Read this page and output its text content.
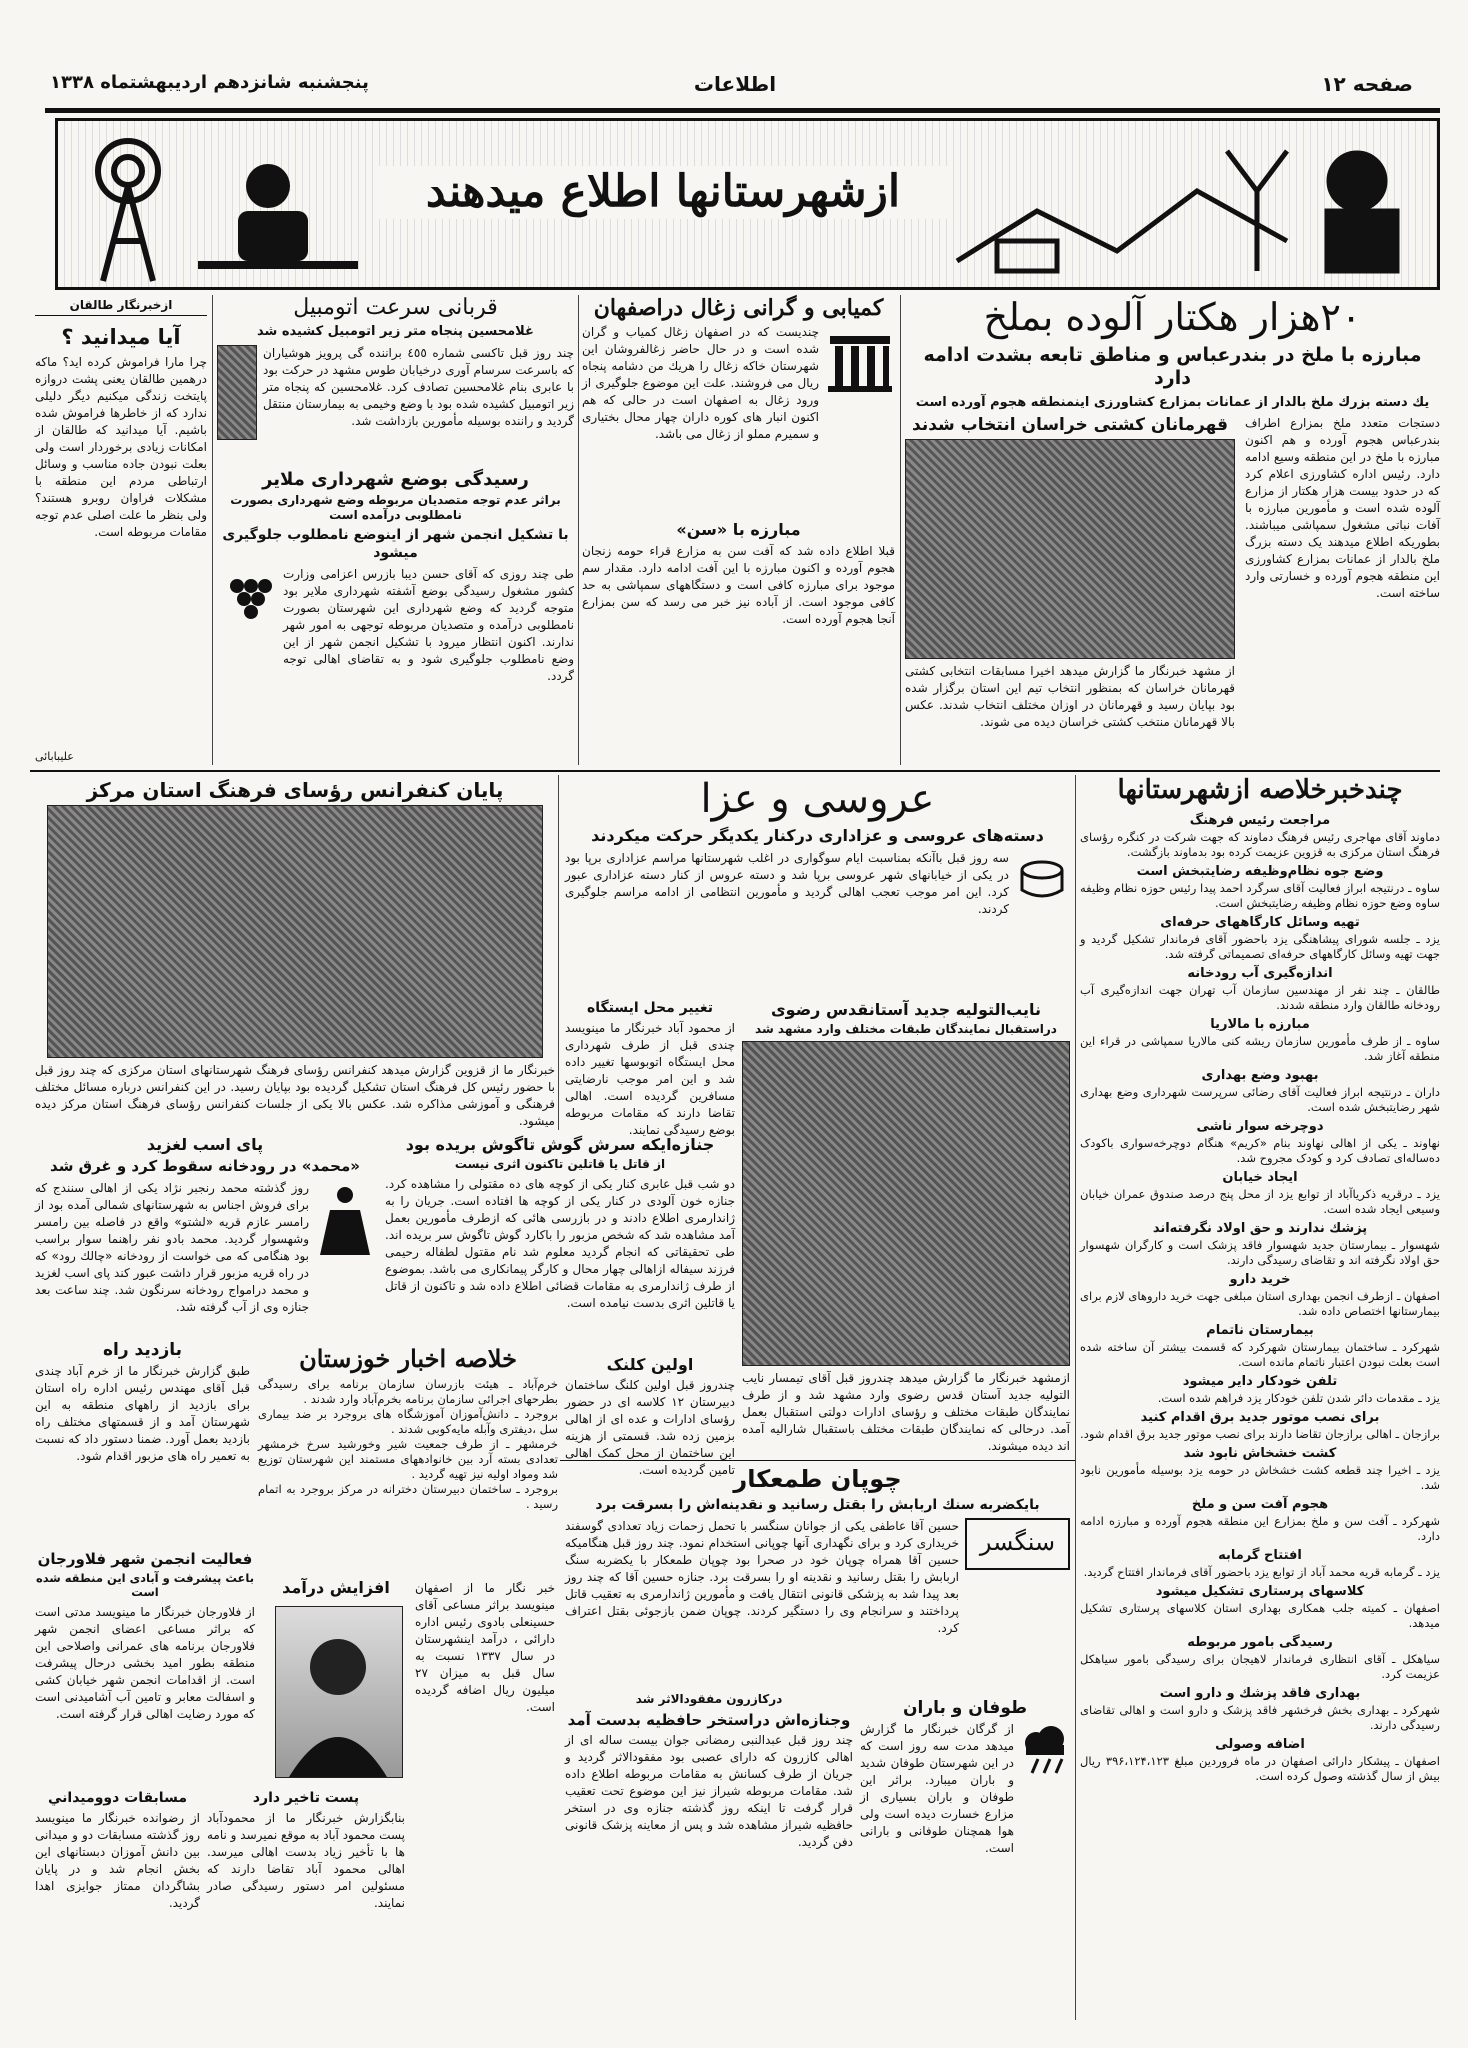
صفحه ۱۲
اطلاعات
پنجشنبه شانزدهم اردیبهشتماه ۱۳۳۸
ازشهرستانها اطلاع میدهند
۲۰هزار هکتار آلوده بملخ
مبارزه با ملخ در بندرعباس و مناطق تابعه بشدت ادامه دارد
یك دسته بزرك ملخ بالدار از عمانات بمزارع کشاورزی اینمنطقه هجوم آورده است
دستجات متعدد ملخ بمزارع اطراف بندرعباس هجوم آورده و هم اکنون مبارزه با ملخ در این منطقه وسیع ادامه دارد. رئیس اداره کشاورزی اعلام کرد که در حدود بیست هزار هکتار از مزارع آلوده شده است و مأمورین مبارزه با آفات نباتی مشغول سمپاشی میباشند. بطوریکه اطلاع میدهند یک دسته بزرگ ملخ بالدار از عمانات بمزارع کشاورزی این منطقه هجوم آورده و خسارتی وارد ساخته است.
قهرمانان کشتی خراسان انتخاب شدند
از مشهد خبرنگار ما گزارش میدهد اخیرا مسابقات انتخابی کشتی قهرمانان خراسان که بمنظور انتخاب تیم این استان برگزار شده بود بپایان رسید و قهرمانان در اوزان مختلف انتخاب شدند. عکس بالا قهرمانان منتخب کشتی خراسان دیده می شوند.
کمیابی و گرانی زغال دراصفهان
چندیست که در اصفهان زغال کمیاب و گران شده است و در حال حاضر زغالفروشان این شهرستان خاکه زغال را هریك من دشامه پنجاه ریال می فروشند. علت این موضوع جلوگیری از ورود زغال به اصفهان است در حالی که هم اکنون انبار های کوره داران چهار محال بختیاری و سمیرم مملو از زغال می باشد.
مبارزه با «سن»
قبلا اطلاع داده شد که آفت سن به مزارع قراء حومه زنجان هجوم آورده و اکنون مبارزه با این آفت ادامه دارد. مقدار سم موجود برای مبارزه کافی است و دستگاههای سمپاشی به حد کافی موجود است. از آباده نیز خبر می رسد که سن بمزارع آنجا هجوم آورده است.
قربانی سرعت اتومبیل
غلامحسین پنجاه متر زیر اتومبیل کشیده شد
چند روز قبل تاکسی شماره ٤٥٥ براننده گی پرویز هوشیاران که باسرعت سرسام آوری درخیابان طوس مشهد در حرکت بود با عابری بنام غلامحسین تصادف کرد. غلامحسین که پنجاه متر زیر اتومبیل کشیده شده بود با وضع وخیمی به بیمارستان منتقل گردید و راننده بوسیله مأمورین بازداشت شد.
رسیدگی بوضع شهرداری ملایر
براثر عدم توجه متصدیان مربوطه وضع شهرداری بصورت نامطلوبی درآمده است
با تشکیل انجمن شهر از اینوضع نامطلوب جلوگیری میشود
طی چند روزی که آقای حسن دیبا بازرس اعزامی وزارت کشور مشغول رسیدگی بوضع آشفته شهرداری ملایر بود متوجه گردید که وضع شهرداری این شهرستان بصورت نامطلوبی درآمده و متصدیان مربوطه توجهی به امور شهر ندارند. اکنون انتظار میرود با تشکیل انجمن شهر از این وضع نامطلوب جلوگیری شود و به تقاضای اهالی توجه گردد.
ازخبرنگار طالقان
آیا میدانید ؟
چرا مارا فراموش کرده اید؟ ماکه درهمین طالقان یعنی پشت دروازه پایتخت زندگی میکنیم دیگر دلیلی ندارد که از خاطرها فراموش شده باشیم. آیا میدانید که طالقان از امکانات زیادی برخوردار است ولی بعلت نبودن جاده مناسب و وسائل ارتباطی مردم این منطقه با مشکلات فراوان روبرو هستند؟ ولی بنظر ما علت اصلی عدم توجه مقامات مربوطه است.
علیبابائی
چندخبرخلاصه ازشهرستانها
مراجعت رئیس فرهنگ

دماوند آقای مهاجری رئیس فرهنگ دماوند که جهت شرکت در کنگره رؤسای فرهنگ استان مرکزی به قزوین عزیمت کرده بود بدماوند بازگشت.

وضع جوه نظام‌وظیفه رضایتبخش است

ساوه ـ درنتیجه ابراز فعالیت آقای سرگرد احمد پیدا رئیس حوزه نظام وظیفه ساوه وضع حوزه نظام وظیفه رضایتبخش است.

تهیه وسائل کارگاههای حرفه‌ای

یزد ـ جلسه شورای پیشاهنگی یزد باحضور آقای فرماندار تشکیل گردید و جهت تهیه وسائل کارگاههای حرفه‌ای تصمیماتی گرفته شد.

اندازه‌گیری آب رودخانه

طالقان ـ چند نفر از مهندسین سازمان آب تهران جهت اندازه‌گیری آب رودخانه طالقان وارد منطقه شدند.

مبارزه با مالاریا

ساوه ـ از طرف مأمورین سازمان ریشه کنی مالاریا سمپاشی در قراء این منطقه آغاز شد.

بهبود وضع بهداری

داران ـ درنتیجه ابراز فعالیت آقای رضائی سرپرست شهرداری وضع بهداری شهر رضایتبخش شده است.

دوچرخه سوار ناشی

نهاوند ـ یکی از اهالی نهاوند بنام «کریم» هنگام دوچرخه‌سواری باکودک ده‌ساله‌ای تصادف کرد و کودک مجروح شد.

ایجاد خیابان

یزد ـ درقریه ذکریاآباد از توابع یزد از محل پنج درصد صندوق عمران خیابان وسیعی ایجاد شده است.

پزشك ندارند و حق اولاد نگرفته‌اند

شهسوار ـ بیمارستان جدید شهسوار فاقد پزشک است و کارگران شهسوار حق اولاد نگرفته اند و تقاضای رسیدگی دارند.

خرید دارو

اصفهان ـ ازطرف انجمن بهداری استان مبلغی جهت خرید داروهای لازم برای بیمارستانها اختصاص داده شد.

بیمارستان ناتمام

شهرکرد ـ ساختمان بیمارستان شهرکرد که قسمت بیشتر آن ساخته شده است بعلت نبودن اعتبار ناتمام مانده است.

تلفن خودکار دایر میشود

یزد ـ مقدمات دائر شدن تلفن خودکار یزد فراهم شده است.

برای نصب موتور جدید برق اقدام کنید

برازجان ـ اهالی برازجان تقاضا دارند برای نصب موتور جدید برق اقدام شود.

کشت خشخاش نابود شد

یزد ـ اخیرا چند قطعه کشت خشخاش در حومه یزد بوسیله مأمورین نابود شد.

هجوم آفت سن و ملخ

شهرکرد ـ آفت سن و ملخ بمزارع این منطقه هجوم آورده و مبارزه ادامه دارد.

افتتاح گرمابه

یزد ـ گرمابه قریه محمد آباد از توابع یزد باحضور آقای فرماندار افتتاح گردید.

کلاسهای پرستاری تشکیل میشود

اصفهان ـ کمیته جلب همکاری بهداری استان کلاسهای پرستاری تشکیل میدهد.

رسیدگی بامور مربوطه

سیاهکل ـ آقای انتظاری فرماندار لاهیجان برای رسیدگی بامور سیاهکل عزیمت کرد.

بهداری فاقد پزشك و دارو است

شهرکرد ـ بهداری بخش فرخشهر فاقد پزشک و دارو است و اهالی تقاضای رسیدگی دارند.

اضافه وصولی

اصفهان ـ پیشکار دارائی اصفهان در ماه فروردین مبلغ ۳۹۶،۱۲۴،۱۲۳ ریال بیش از سال گذشته وصول کرده است.

عروسی و عزا
دسته‌های عروسی و عزاداری درکنار یکدیگر حرکت میکردند
سه روز قبل باآنکه بمناسبت ایام سوگواری در اغلب شهرستانها مراسم عزاداری برپا بود در یکی از خیابانهای شهر عروسی برپا شد و دسته عروس از کنار دسته عزاداری عبور کرد. این امر موجب تعجب اهالی گردید و مأمورین انتظامی از ادامه مراسم جلوگیری کردند.
نایب‌التولیه جدید آستانقدس رضوی
دراستقبال نمایندگان طبقات مختلف وارد مشهد شد
ازمشهد خبرنگار ما گزارش میدهد چندروز قبل آقای تیمسار نایب التولیه جدید آستان قدس رضوی وارد مشهد شد و از طرف نمایندگان طبقات مختلف و رؤسای ادارات دولتی استقبال بعمل آمد. درحالی که نمایندگان طبقات مختلف باستقبال شارالیه آمده اند دیده میشوند.
تغییر محل ایستگاه
از محمود آباد خبرنگار ما مینویسد چندی قبل از طرف شهرداری محل ایستگاه اتوبوسها تغییر داده شد و این امر موجب نارضایتی مسافرین گردیده است. اهالی تقاضا دارند که مقامات مربوطه بوضع رسیدگی نمایند.
جنازه‌ایکه سرش گوش تاگوش بریده بود
از قاتل یا قاتلین تاکنون اثری نیست
دو شب قبل عابری کنار یکی از کوچه های ده مقتولی را مشاهده کرد. جنازه خون آلودی در کنار یکی از کوچه ها افتاده است. جریان را به ژاندارمری اطلاع دادند و در بازرسی هائی که ازطرف مأمورین بعمل آمد مشاهده شد که شخص مزبور را باکارد گوش تاگوش سر بریده اند. طی تحقیقاتی که انجام گردید معلوم شد نام مقتول لطفاله رحیمی فرزند سیفاله ازاهالی چهار محال و کارگر پیمانکاری می باشد. بموضوع از طرف ژاندارمری به مقامات قضائی اطلاع داده شد و تاکنون از قاتل یا قاتلین اثری بدست نیامده است.
اولین کلنک
چندروز قبل اولین کلنگ ساختمان دبیرستان ۱۲ کلاسه ای در حضور رؤسای ادارات و عده ای از اهالی بزمین زده شد. قسمتی از هزینه این ساختمان از محل کمک اهالی تامین گردیده است.
پایان کنفرانس رؤسای فرهنگ استان مرکز
خبرنگار ما از قزوین گزارش میدهد کنفرانس رؤسای فرهنگ شهرستانهای استان مرکزی که چند روز قبل با حضور رئیس کل فرهنگ استان تشکیل گردیده بود بپایان رسید. در این کنفرانس درباره مسائل مختلف فرهنگی و آموزشی مذاکره شد. عکس بالا یکی از جلسات کنفرانس رؤسای فرهنگ استان مرکز دیده میشود.
پای اسب لغزید
«محمد» در رودخانه سقوط کرد و غرق شد
روز گذشته محمد رنجبر نژاد یکی از اهالی سنندج که برای فروش اجناس به شهرستانهای شمالی آمده بود از رامسر عازم قریه «لشتو» واقع در فاصله بین رامسر وشهسوار گردید. محمد بادو نفر راهنما سوار براسب بود هنگامی که می خواست از رودخانه «چالك رود» که در راه قریه مزبور قرار داشت عبور کند پای اسب لغزید و محمد درامواج رودخانه سرنگون شد. چند ساعت بعد جنازه وی از آب گرفته شد.
بازدید راه
طبق گزارش خبرنگار ما از خرم آباد چندی قبل آقای مهندس رئیس اداره راه استان برای بازدید از راههای منطقه به این شهرستان آمد و از قسمتهای مختلف راه بازدید بعمل آورد. ضمنا دستور داد که نسبت به تعمیر راه های مزبور اقدام شود.
خلاصه اخبار خوزستان

خرم‌آباد ـ هیئت بازرسان سازمان برنامه برای رسیدگی بطرحهای اجرائی سازمان برنامه بخرم‌آباد وارد شدند .

بروجرد ـ دانش‌آموزان آموزشگاه های بروجرد بر ضد بیماری سل ،دیفتری وآبله مایه‌کوبی شدند .

خرمشهر ـ از طرف جمعیت شیر وخورشید سرخ خرمشهر تعدادی بسته آرد بین خانوادههای مستمند این شهرستان توزیع شد ومواد اولیه نیز تهیه گردید .

بروجرد ـ ساختمان دبیرستان دخترانه در مرکز بروجرد به اتمام رسید .

فعالیت انجمن شهر فلاورجان
باعث پیشرفت و آبادی این منطقه شده است
از فلاورجان خبرنگار ما مینویسد مدتی است که براثر مساعی اعضای انجمن شهر فلاورجان برنامه های عمرانی واصلاحی این منطقه بطور امید بخشی درحال پیشرفت است. از اقدامات انجمن شهر خیابان کشی و اسفالت معابر و تامین آب آشامیدنی است که مورد رضایت اهالی قرار گرفته است.
افزایش درآمد	خبر نگار ما از اصفهان مینویسد براثر مساعی آقای حسینعلی بادوی رئیس اداره دارائی ، درآمد اینشهرستان در سال ۱۳۳۷ نسبت به سال قبل به میزان ۲۷ میلیون ریال اضافه گردیده است.
مسابقات دووميداني
از رضوانده خبرنگار ما مینویسد روز گذشته مسابقات دو و میدانی بین دانش آموزان دبستانهای این بخش انجام شد و در پایان بشاگردان ممتاز جوایزی اهدا گردید.
پست تاخیر دارد
بنابگزارش خبرنگار ما از محمودآباد پست محمود آباد به موقع نمیرسد و نامه ها با تأخیر زیاد بدست اهالی میرسد. اهالی محمود آباد تقاضا دارند که مسئولین امر دستور رسیدگی صادر نمایند.
چوپان طمعکار
بایکضربه سنك اربابش را بقتل رسانید و نقدینه‌اش را بسرقت برد
سنگسر
حسین آقا عاطفی یکی از جوانان سنگسر با تحمل زحمات زیاد تعدادی گوسفند خریداری کرد و برای نگهداری آنها چوپانی استخدام نمود. چند روز قبل هنگامیکه حسین آقا همراه چوپان خود در صحرا بود چوپان طمعکار با یکضربه سنگ اربابش را بقتل رسانید و نقدینه او را بسرقت برد. جنازه حسین آقا که چند روز بعد پیدا شد به پزشکی قانونی انتقال یافت و مأمورین ژاندارمری به تعقیب قاتل پرداختند و سرانجام وی را دستگیر کردند. چوپان ضمن بازجوئی بقتل اعتراف کرد.
درکازرون مفقودالاثر شد
وجنازه‌اش دراستخر حافظیه بدست آمد
چند روز قبل عبدالنبی رمضانی جوان بیست ساله ای از اهالی کازرون که دارای عصبی بود مفقودالاثر گردید و جریان از طرف کسانش به مقامات مربوطه اطلاع داده شد. مقامات مربوطه شیراز نیز این موضوع تحت تعقیب قرار گرفت تا اینکه روز گذشته جنازه وی در استخر حافظیه شیراز مشاهده شد و پس از معاینه پزشک قانونی دفن گردید.
طوفان و باران
از گرگان خبرنگار ما گزارش میدهد مدت سه روز است که در این شهرستان طوفان شدید و باران میبارد. براثر این طوفان و باران بسیاری از مزارع خسارت دیده است ولی هوا همچنان طوفانی و بارانی است.
